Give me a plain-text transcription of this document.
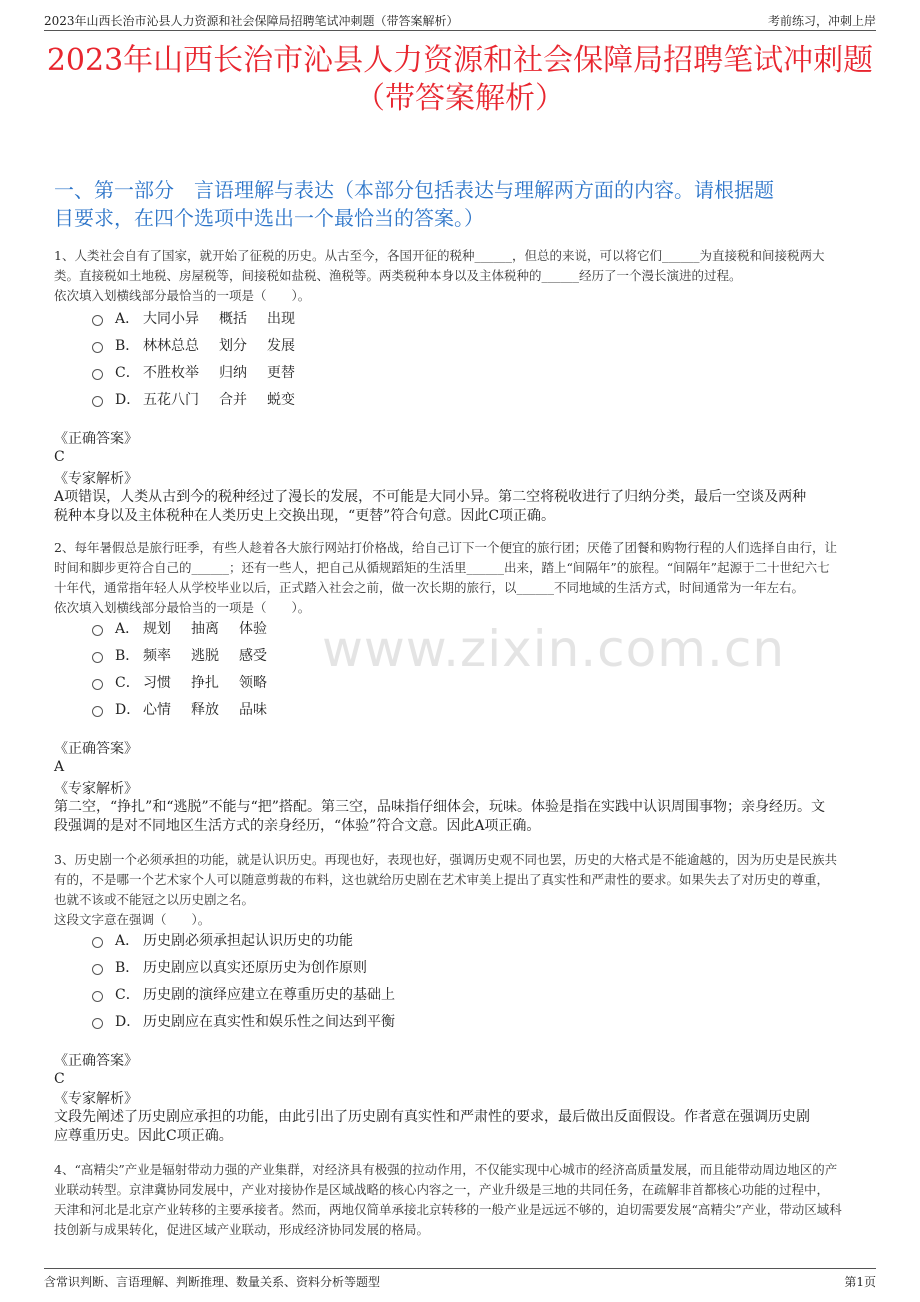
2023年山西长治市沁县人力资源和社会保障局招聘笔试冲刺题（带答案解析）	考前练习，冲刺上岸
2023年山西长治市沁县人力资源和社会保障局招聘笔试冲刺题
（带答案解析）
一、第一部分　言语理解与表达（本部分包括表达与理解两方面的内容。请根据题
目要求，在四个选项中选出一个最恰当的答案。）
www.zixin.com.cn
1、人类社会自有了国家，就开始了征税的历史。从古至今，各国开征的税种______，但总的来说，可以将它们______为直接税和间接税两大
类。直接税如土地税、房屋税等，间接税如盐税、渔税等。两类税种本身以及主体税种的______经历了一个漫长演进的过程。
依次填入划横线部分最恰当的一项是（　　）。
A． 大同小异 概括 出现
B． 林林总总 划分 发展
C． 不胜枚举 归纳 更替
D． 五花八门 合并 蜕变
《正确答案》
C
《专家解析》
A项错误，人类从古到今的税种经过了漫长的发展，不可能是大同小异。第二空将税收进行了归纳分类，最后一空谈及两种
税种本身以及主体税种在人类历史上交换出现，“更替”符合句意。因此C项正确。
2、每年暑假总是旅行旺季，有些人趁着各大旅行网站打价格战，给自己订下一个便宜的旅行团；厌倦了团餐和购物行程的人们选择自由行，让
时间和脚步更符合自己的______；还有一些人，把自己从循规蹈矩的生活里______出来，踏上“间隔年”的旅程。“间隔年”起源于二十世纪六七
十年代，通常指年轻人从学校毕业以后，正式踏入社会之前，做一次长期的旅行，以______不同地域的生活方式，时间通常为一年左右。
依次填入划横线部分最恰当的一项是（　　）。
A． 规划 抽离 体验
B． 频率 逃脱 感受
C． 习惯 挣扎 领略
D． 心情 释放 品味
《正确答案》
A
《专家解析》
第二空，“挣扎”和“逃脱”不能与“把”搭配。第三空，品味指仔细体会，玩味。体验是指在实践中认识周围事物；亲身经历。文
段强调的是对不同地区生活方式的亲身经历，“体验”符合文意。因此A项正确。
3、历史剧一个必须承担的功能，就是认识历史。再现也好，表现也好，强调历史观不同也罢，历史的大格式是不能逾越的，因为历史是民族共
有的，不是哪一个艺术家个人可以随意剪裁的布料，这也就给历史剧在艺术审美上提出了真实性和严肃性的要求。如果失去了对历史的尊重，
也就不该或不能冠之以历史剧之名。
这段文字意在强调（　　）。
A． 历史剧必须承担起认识历史的功能
B． 历史剧应以真实还原历史为创作原则
C． 历史剧的演绎应建立在尊重历史的基础上
D． 历史剧应在真实性和娱乐性之间达到平衡
《正确答案》
C
《专家解析》
文段先阐述了历史剧应承担的功能，由此引出了历史剧有真实性和严肃性的要求，最后做出反面假设。作者意在强调历史剧
应尊重历史。因此C项正确。
4、“高精尖”产业是辐射带动力强的产业集群，对经济具有极强的拉动作用，不仅能实现中心城市的经济高质量发展，而且能带动周边地区的产
业联动转型。京津冀协同发展中，产业对接协作是区域战略的核心内容之一，产业升级是三地的共同任务，在疏解非首都核心功能的过程中，
天津和河北是北京产业转移的主要承接者。然而，两地仅简单承接北京转移的一般产业是远远不够的，迫切需要发展“高精尖”产业，带动区域科
技创新与成果转化，促进区域产业联动，形成经济协同发展的格局。
含常识判断、言语理解、判断推理、数量关系、资料分析等题型	第1页
